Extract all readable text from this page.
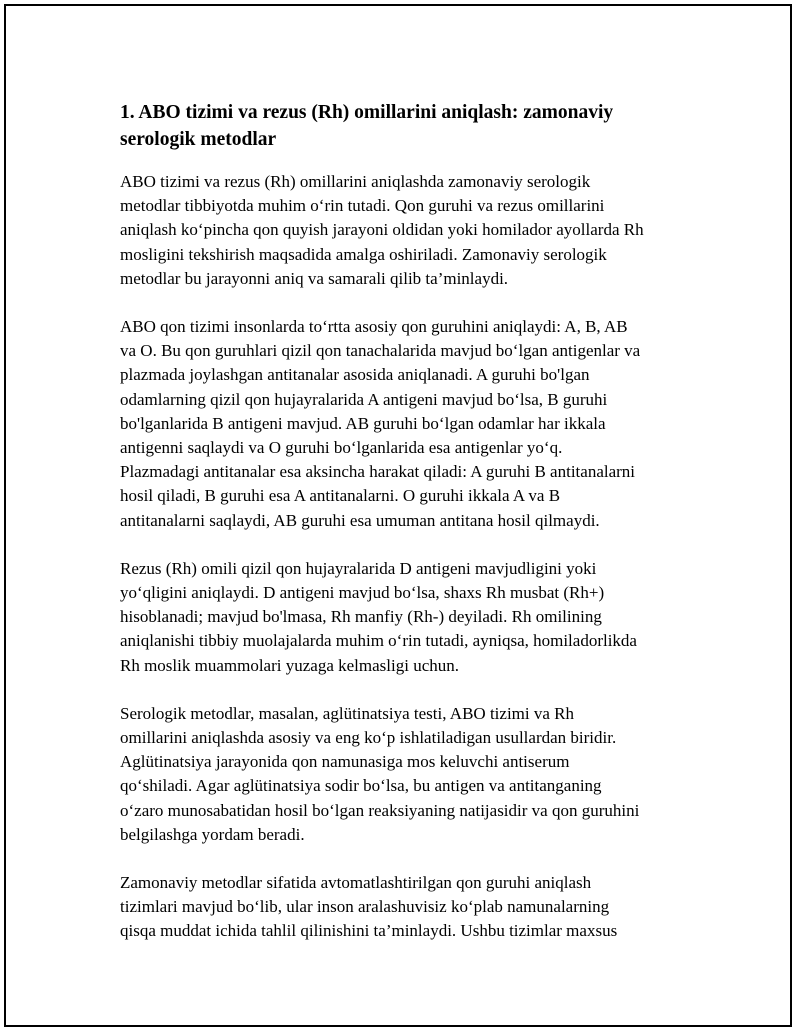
1. ABO tizimi va rezus (Rh) omillarini aniqlash: zamonaviy
serologik metodlar

ABO tizimi va rezus (Rh) omillarini aniqlashda zamonaviy serologik
metodlar tibbiyotda muhim oʻrin tutadi. Qon guruhi va rezus omillarini
aniqlash koʻpincha qon quyish jarayoni oldidan yoki homilador ayollarda Rh
mosligini tekshirish maqsadida amalga oshiriladi. Zamonaviy serologik
metodlar bu jarayonni aniq va samarali qilib ta’minlaydi.

ABO qon tizimi insonlarda toʻrtta asosiy qon guruhini aniqlaydi: A, B, AB
va O. Bu qon guruhlari qizil qon tanachalarida mavjud boʻlgan antigenlar va
plazmada joylashgan antitanalar asosida aniqlanadi. A guruhi bo'lgan
odamlarning qizil qon hujayralarida A antigeni mavjud boʻlsa, B guruhi
bo'lganlarida B antigeni mavjud. AB guruhi boʻlgan odamlar har ikkala
antigenni saqlaydi va O guruhi boʻlganlarida esa antigenlar yoʻq.
Plazmadagi antitanalar esa aksincha harakat qiladi: A guruhi B antitanalarni
hosil qiladi, B guruhi esa A antitanalarni. O guruhi ikkala A va B
antitanalarni saqlaydi, AB guruhi esa umuman antitana hosil qilmaydi.

Rezus (Rh) omili qizil qon hujayralarida D antigeni mavjudligini yoki
yoʻqligini aniqlaydi. D antigeni mavjud boʻlsa, shaxs Rh musbat (Rh+)
hisoblanadi; mavjud bo'lmasa, Rh manfiy (Rh-) deyiladi. Rh omilining
aniqlanishi tibbiy muolajalarda muhim oʻrin tutadi, ayniqsa, homiladorlikda
Rh moslik muammolari yuzaga kelmasligi uchun.

Serologik metodlar, masalan, aglütinatsiya testi, ABO tizimi va Rh
omillarini aniqlashda asosiy va eng koʻp ishlatiladigan usullardan biridir.
Aglütinatsiya jarayonida qon namunasiga mos keluvchi antiserum
qoʻshiladi. Agar aglütinatsiya sodir boʻlsa, bu antigen va antitanganing
oʻzaro munosabatidan hosil boʻlgan reaksiyaning natijasidir va qon guruhini
belgilashga yordam beradi.

Zamonaviy metodlar sifatida avtomatlashtirilgan qon guruhi aniqlash
tizimlari mavjud boʻlib, ular inson aralashuvisiz koʻplab namunalarning
qisqa muddat ichida tahlil qilinishini ta’minlaydi. Ushbu tizimlar maxsus
